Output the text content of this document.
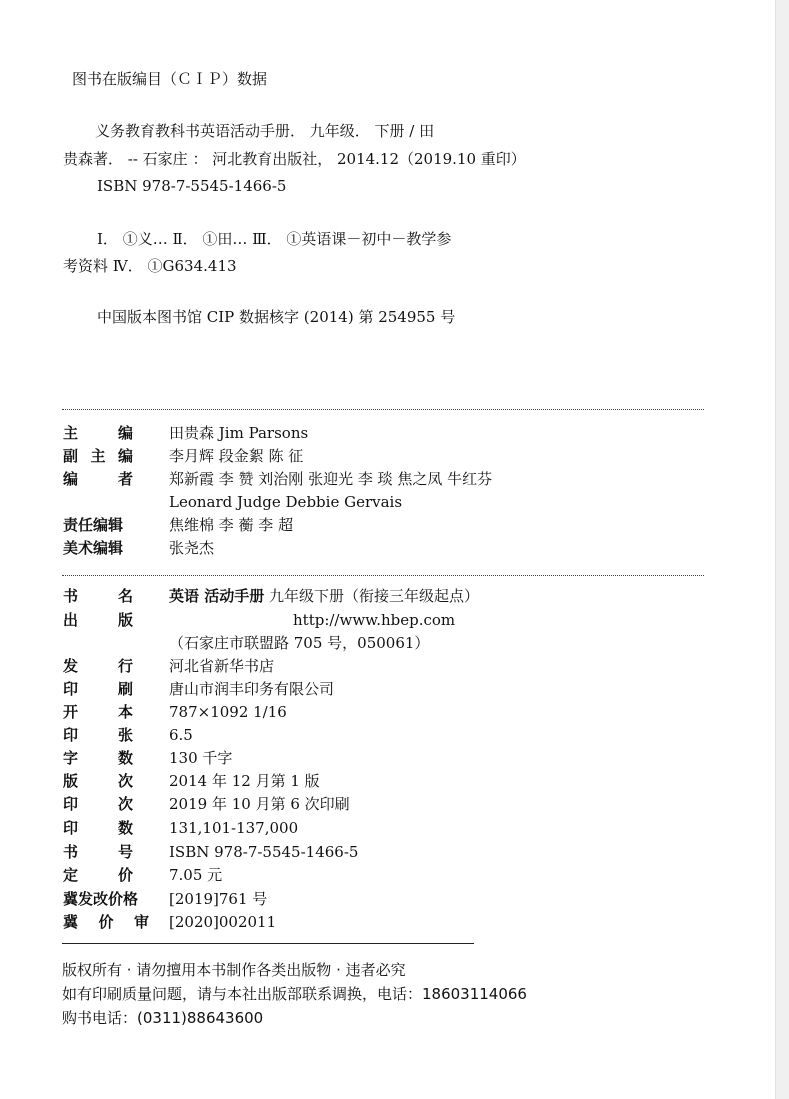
图书在版编目（ＣＩＰ）数据
义务教育教科书英语活动手册． 九年级． 下册 / 田
贵森著． -- 石家庄 ： 河北教育出版社， 2014.12（2019.10 重印）
ISBN 978-7-5545-1466-5
Ⅰ． ①义… Ⅱ． ①田… Ⅲ． ①英语课－初中－教学参
考资料 Ⅳ． ①G634.413
中国版本图书馆 CIP 数据核字 (2014) 第 254955 号
主	编 田贵森 Jim Parsons
副 主 编 李月辉 段金絮 陈 征
编	者 郑新霞 李 赞 刘治刚 张迎光 李 琰 焦之凤 牛红芬
Leonard Judge Debbie Gervais
责任编辑	焦维棉 李 蘅 李 超
美术编辑	张尧杰
书	名 英语 活动手册 九年级下册（衔接三年级起点）
出	版	http://www.hbep.com
（石家庄市联盟路 705 号，050061）
发	行 河北省新华书店
印	刷 唐山市润丰印务有限公司
开	本 787×1092 1/16
印	张 6.5
字	数 130 千字
版	次 2014 年 12 月第 1 版
印	次 2019 年 10 月第 6 次印刷
印	数 131,101-137,000
书	号 ISBN 978-7-5545-1466-5
定	价 7.05 元
冀发改价格	[2019]761 号
冀 价 审 [2020]002011
版权所有 · 请勿擅用本书制作各类出版物 · 违者必究
如有印刷质量问题，请与本社出版部联系调换，电话：18603114066
购书电话：(0311)88643600
